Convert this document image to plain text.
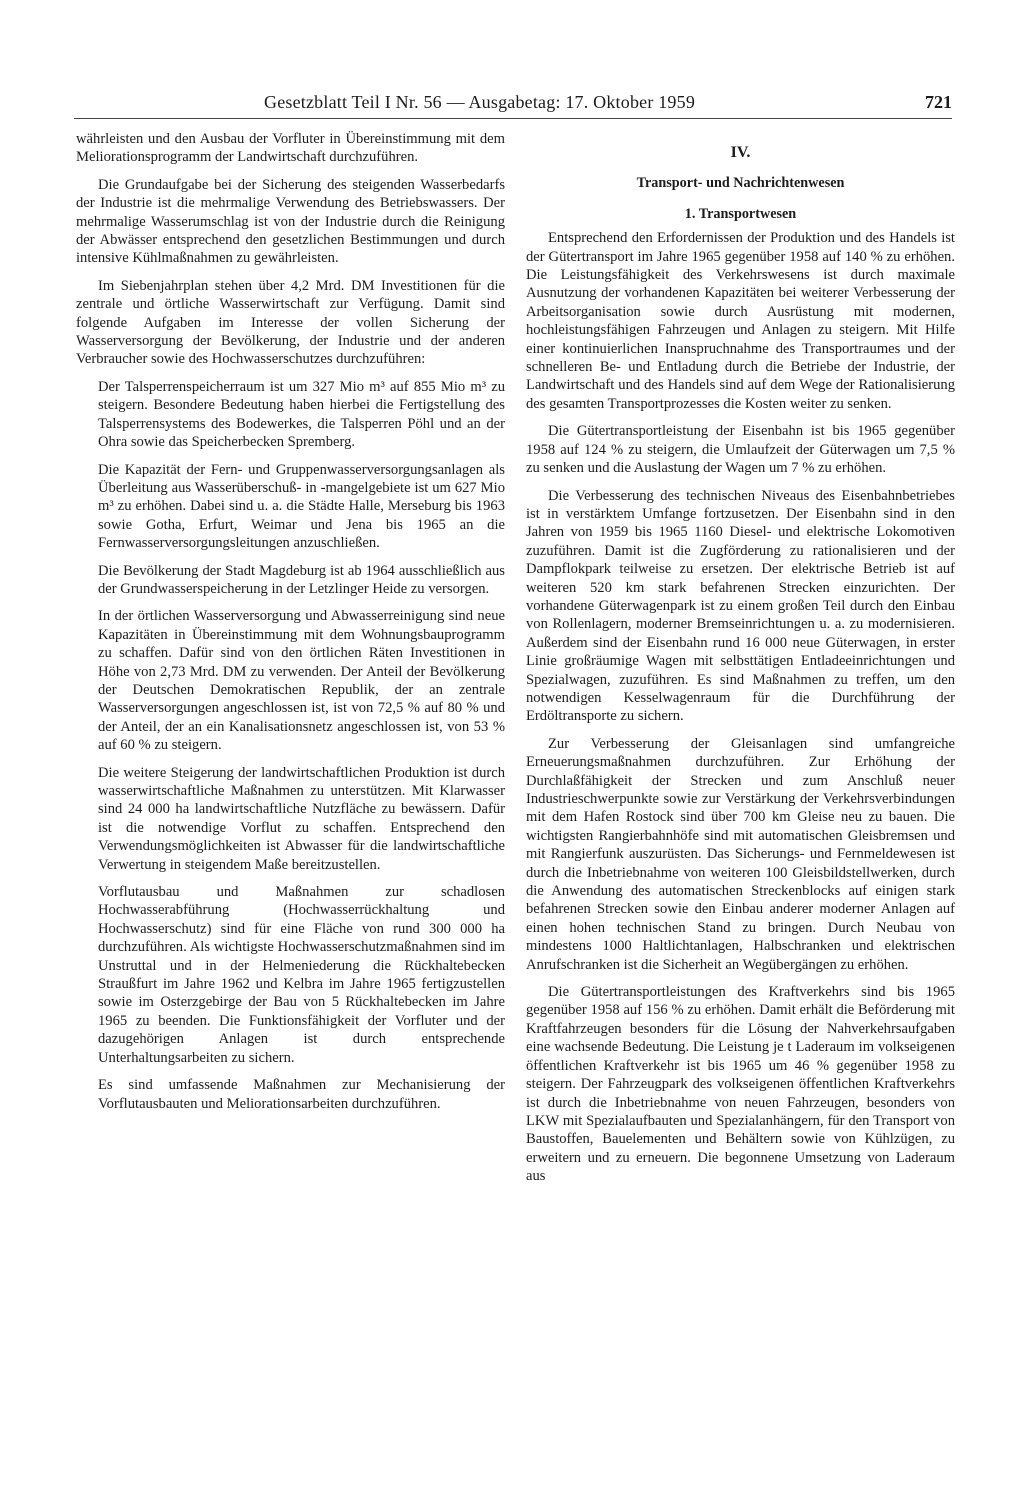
Gesetzblatt Teil I Nr. 56 — Ausgabetag: 17. Oktober 1959	721

währleisten und den Ausbau der Vorfluter in Übereinstimmung mit dem Meliorationsprogramm der Landwirtschaft durchzuführen.

Die Grundaufgabe bei der Sicherung des steigenden Wasserbedarfs der Industrie ist die mehrmalige Verwendung des Betriebswassers. Der mehrmalige Wasserumschlag ist von der Industrie durch die Reinigung der Abwässer entsprechend den gesetzlichen Bestimmungen und durch intensive Kühlmaßnahmen zu gewährleisten.

Im Siebenjahrplan stehen über 4,2 Mrd. DM Investitionen für die zentrale und örtliche Wasserwirtschaft zur Verfügung. Damit sind folgende Aufgaben im Interesse der vollen Sicherung der Wasserversorgung der Bevölkerung, der Industrie und der anderen Verbraucher sowie des Hochwasserschutzes durchzuführen:

Der Talsperrenspeicherraum ist um 327 Mio m³ auf 855 Mio m³ zu steigern. Besondere Bedeutung haben hierbei die Fertigstellung des Talsperrensystems des Bodewerkes, die Talsperren Pöhl und an der Ohra sowie das Speicherbecken Spremberg.

Die Kapazität der Fern- und Gruppenwasserversorgungsanlagen als Überleitung aus Wasserüberschuß- in -mangelgebiete ist um 627 Mio m³ zu erhöhen. Dabei sind u. a. die Städte Halle, Merseburg bis 1963 sowie Gotha, Erfurt, Weimar und Jena bis 1965 an die Fernwasserversorgungsleitungen anzuschließen.

Die Bevölkerung der Stadt Magdeburg ist ab 1964 ausschließlich aus der Grundwasserspeicherung in der Letzlinger Heide zu versorgen.

In der örtlichen Wasserversorgung und Abwasserreinigung sind neue Kapazitäten in Übereinstimmung mit dem Wohnungsbauprogramm zu schaffen. Dafür sind von den örtlichen Räten Investitionen in Höhe von 2,73 Mrd. DM zu verwenden. Der Anteil der Bevölkerung der Deutschen Demokratischen Republik, der an zentrale Wasserversorgungen angeschlossen ist, ist von 72,5 % auf 80 % und der Anteil, der an ein Kanalisationsnetz angeschlossen ist, von 53 % auf 60 % zu steigern.

Die weitere Steigerung der landwirtschaftlichen Produktion ist durch wasserwirtschaftliche Maßnahmen zu unterstützen. Mit Klarwasser sind 24 000 ha landwirtschaftliche Nutzfläche zu bewässern. Dafür ist die notwendige Vorflut zu schaffen. Entsprechend den Verwendungsmöglichkeiten ist Abwasser für die landwirtschaftliche Verwertung in steigendem Maße bereitzustellen.

Vorflutausbau und Maßnahmen zur schadlosen Hochwasserabführung (Hochwasserrückhaltung und Hochwasserschutz) sind für eine Fläche von rund 300 000 ha durchzuführen. Als wichtigste Hochwasserschutzmaßnahmen sind im Unstruttal und in der Helmeniederung die Rückhaltebecken Straußfurt im Jahre 1962 und Kelbra im Jahre 1965 fertigzustellen sowie im Osterzgebirge der Bau von 5 Rückhaltebecken im Jahre 1965 zu beenden. Die Funktionsfähigkeit der Vorfluter und der dazugehörigen Anlagen ist durch entsprechende Unterhaltungsarbeiten zu sichern.

Es sind umfassende Maßnahmen zur Mechanisierung der Vorflutausbauten und Meliorationsarbeiten durchzuführen.

IV.
Transport- und Nachrichtenwesen
1. Transportwesen

Entsprechend den Erfordernissen der Produktion und des Handels ist der Gütertransport im Jahre 1965 gegenüber 1958 auf 140 % zu erhöhen. Die Leistungsfähigkeit des Verkehrswesens ist durch maximale Ausnutzung der vorhandenen Kapazitäten bei weiterer Verbesserung der Arbeitsorganisation sowie durch Ausrüstung mit modernen, hochleistungsfähigen Fahrzeugen und Anlagen zu steigern. Mit Hilfe einer kontinuierlichen Inanspruchnahme des Transportraumes und der schnelleren Be- und Entladung durch die Betriebe der Industrie, der Landwirtschaft und des Handels sind auf dem Wege der Rationalisierung des gesamten Transportprozesses die Kosten weiter zu senken.

Die Gütertransportleistung der Eisenbahn ist bis 1965 gegenüber 1958 auf 124 % zu steigern, die Umlaufzeit der Güterwagen um 7,5 % zu senken und die Auslastung der Wagen um 7 % zu erhöhen.

Die Verbesserung des technischen Niveaus des Eisenbahnbetriebes ist in verstärktem Umfange fortzusetzen. Der Eisenbahn sind in den Jahren von 1959 bis 1965 1160 Diesel- und elektrische Lokomotiven zuzuführen. Damit ist die Zugförderung zu rationalisieren und der Dampflokpark teilweise zu ersetzen. Der elektrische Betrieb ist auf weiteren 520 km stark befahrenen Strecken einzurichten. Der vorhandene Güterwagenpark ist zu einem großen Teil durch den Einbau von Rollenlagern, moderner Bremseinrichtungen u. a. zu modernisieren. Außerdem sind der Eisenbahn rund 16 000 neue Güterwagen, in erster Linie großräumige Wagen mit selbsttätigen Entladeeinrichtungen und Spezialwagen, zuzuführen. Es sind Maßnahmen zu treffen, um den notwendigen Kesselwagenraum für die Durchführung der Erdöltransporte zu sichern.

Zur Verbesserung der Gleisanlagen sind umfangreiche Erneuerungsmaßnahmen durchzuführen. Zur Erhöhung der Durchlaßfähigkeit der Strecken und zum Anschluß neuer Industrieschwerpunkte sowie zur Verstärkung der Verkehrsverbindungen mit dem Hafen Rostock sind über 700 km Gleise neu zu bauen. Die wichtigsten Rangierbahnhöfe sind mit automatischen Gleisbremsen und mit Rangierfunk auszurüsten. Das Sicherungs- und Fernmeldewesen ist durch die Inbetriebnahme von weiteren 100 Gleisbildstellwerken, durch die Anwendung des automatischen Streckenblocks auf einigen stark befahrenen Strecken sowie den Einbau anderer moderner Anlagen auf einen hohen technischen Stand zu bringen. Durch Neubau von mindestens 1000 Haltlichtanlagen, Halbschranken und elektrischen Anrufschranken ist die Sicherheit an Wegübergängen zu erhöhen.

Die Gütertransportleistungen des Kraftverkehrs sind bis 1965 gegenüber 1958 auf 156 % zu erhöhen. Damit erhält die Beförderung mit Kraftfahrzeugen besonders für die Lösung der Nahverkehrsaufgaben eine wachsende Bedeutung. Die Leistung je t Laderaum im volkseigenen öffentlichen Kraftverkehr ist bis 1965 um 46 % gegenüber 1958 zu steigern. Der Fahrzeugpark des volkseigenen öffentlichen Kraftverkehrs ist durch die Inbetriebnahme von neuen Fahrzeugen, besonders von LKW mit Spezialaufbauten und Spezialanhängern, für den Transport von Baustoffen, Bauelementen und Behältern sowie von Kühlzügen, zu erweitern und zu erneuern. Die begonnene Umsetzung von Laderaum aus
